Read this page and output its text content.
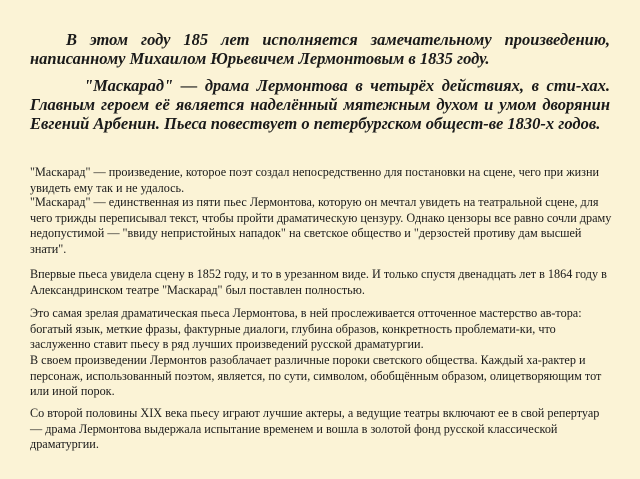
В этом году 185 лет исполняется замечательному произведению, написанному Михаилом Юрьевичем Лермонтовым в 1835 году.

"Маскарад" — драма Лермонтова в четырёх действиях, в сти-хах. Главным героем её является наделённый мятежным духом и умом дворянин Евгений Арбенин. Пьеса повествует о петербургском общест-ве 1830-х годов.

"Маскарад" — произведение, которое поэт создал непосредственно для постановки на сцене, чего при жизни увидеть ему так и не удалось.

"Маскарад" — единственная из пяти пьес Лермонтова, которую он мечтал увидеть на театральной сцене, для чего трижды переписывал текст, чтобы пройти драматическую цензуру. Однако цензоры все равно сочли драму недопустимой — "ввиду непристойных нападок" на светское общество и "дерзостей противу дам высшей знати".

Впервые пьеса увидела сцену в 1852 году, и то в урезанном виде. И только спустя двенадцать лет в 1864 году в Александринском театре "Маскарад" был поставлен полностью.

Это самая зрелая драматическая пьеса Лермонтова, в ней прослеживается отточенное мастерство ав-тора: богатый язык, меткие фразы, фактурные диалоги, глубина образов, конкретность проблемати-ки, что заслуженно ставит пьесу в ряд лучших произведений русской драматургии.

В своем произведении Лермонтов разоблачает различные пороки светского общества. Каждый ха-рактер и персонаж, использованный поэтом, является, по сути, символом, обобщённым образом, олицетворяющим тот или иной порок.

Со второй половины XIX века пьесу играют лучшие актеры, а ведущие театры включают ее в свой репертуар — драма Лермонтова выдержала испытание временем и вошла в золотой фонд русской классической драматургии.
